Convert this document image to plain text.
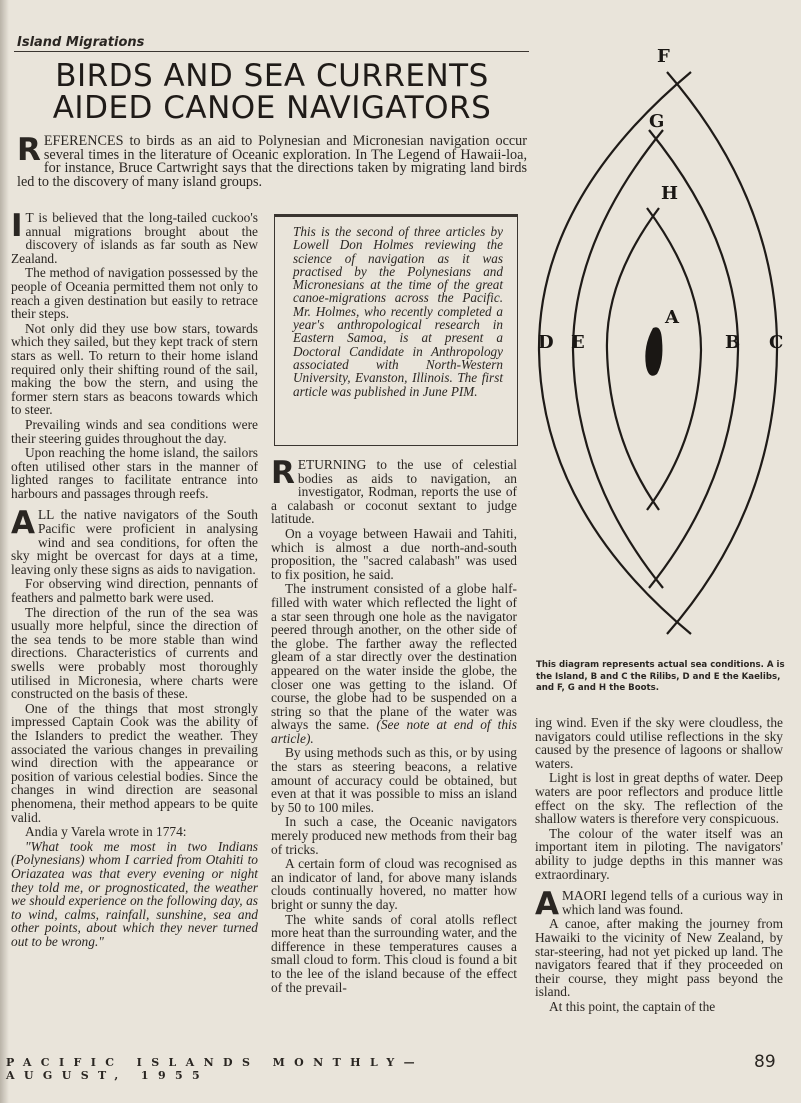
Island Migrations
BIRDS AND SEA CURRENTS
AIDED CANOE NAVIGATORS

REFERENCES to birds as an aid to Polynesian and Micronesian navigation occur several times in the literature of Oceanic exploration. In The Legend of Hawaii-loa, for instance, Bruce Cartwright says that the directions taken by migrating land birds led to the discovery of many island groups.

I T is believed that the long-tailed cuckoo's annual migrations brought about the discovery of islands as far south as New Zealand.

The method of navigation possessed by the people of Oceania permitted them not only to reach a given destination but easily to retrace their steps.

Not only did they use bow stars, towards which they sailed, but they kept track of stern stars as well. To return to their home island required only their shifting round of the sail, making the bow the stern, and using the former stern stars as beacons towards which to steer.

Prevailing winds and sea conditions were their steering guides throughout the day.

Upon reaching the home island, the sailors often utilised other stars in the manner of lighted ranges to facilitate entrance into harbours and passages through reefs.

ALL the native navigators of the South Pacific were proficient in analysing wind and sea conditions, for often the sky might be overcast for days at a time, leaving only these signs as aids to navigation.

For observing wind direction, pennants of feathers and palmetto bark were used.

The direction of the run of the sea was usually more helpful, since the direction of the sea tends to be more stable than wind directions. Characteristics of currents and swells were probably most thoroughly utilised in Micronesia, where charts were constructed on the basis of these.

One of the things that most strongly impressed Captain Cook was the ability of the Islanders to predict the weather. They associated the various changes in prevailing wind direction with the appearance or position of various celestial bodies. Since the changes in wind direction are seasonal phenomena, their method appears to be quite valid.

Andia y Varela wrote in 1774:

"What took me most in two Indians (Polynesians) whom I carried from Otahiti to Oriazatea was that every evening or night they told me, or prognosticated, the weather we should experience on the following day, as to wind, calms, rainfall, sunshine, sea and other points, about which they never turned out to be wrong."

This is the second of three articles by Lowell Don Holmes reviewing the science of navigation as it was practised by the Polynesians and Micronesians at the time of the great canoe-migrations across the Pacific. Mr. Holmes, who recently completed a year's anthropological research in Eastern Samoa, is at present a Doctoral Candidate in Anthropology associated with North-Western University, Evanston, Illinois. The first article was published in June PIM.

RETURNING to the use of celestial bodies as aids to navigation, an investigator, Rodman, reports the use of a calabash or coconut sextant to judge latitude.

On a voyage between Hawaii and Tahiti, which is almost a due north-and-south proposition, the "sacred calabash" was used to fix position, he said.

The instrument consisted of a globe half-filled with water which reflected the light of a star seen through one hole as the navigator peered through another, on the other side of the globe. The farther away the reflected gleam of a star directly over the destination appeared on the water inside the globe, the closer one was getting to the island. Of course, the globe had to be suspended on a string so that the plane of the water was always the same. (See note at end of this article).

By using methods such as this, or by using the stars as steering beacons, a relative amount of accuracy could be obtained, but even at that it was possible to miss an island by 50 to 100 miles.

In such a case, the Oceanic navigators merely produced new methods from their bag of tricks.

A certain form of cloud was recognised as an indicator of land, for above many islands clouds continually hovered, no matter how bright or sunny the day.

The white sands of coral atolls reflect more heat than the surrounding water, and the difference in these temperatures causes a small cloud to form. This cloud is found a bit to the lee of the island because of the effect of the prevail-

F
G
H
A
D E	B C
This diagram represents actual sea conditions. A is the Island, B and C the Rilibs, D and E the Kaelibs, and F, G and H the Boots.

ing wind. Even if the sky were cloudless, the navigators could utilise reflections in the sky caused by the presence of lagoons or shallow waters.

Light is lost in great depths of water. Deep waters are poor reflectors and produce little effect on the sky. The reflection of the shallow waters is therefore very conspicuous.

The colour of the water itself was an important item in piloting. The navigators' ability to judge depths in this manner was extraordinary.

AMAORI legend tells of a curious way in which land was found.

A canoe, after making the journey from Hawaiki to the vicinity of New Zealand, by star-steering, had not yet picked up land. The navigators feared that if they proceeded on their course, they might pass beyond the island.

At this point, the captain of the

PACIFIC ISLANDS MONTHLY—AUGUST, 1955
89
